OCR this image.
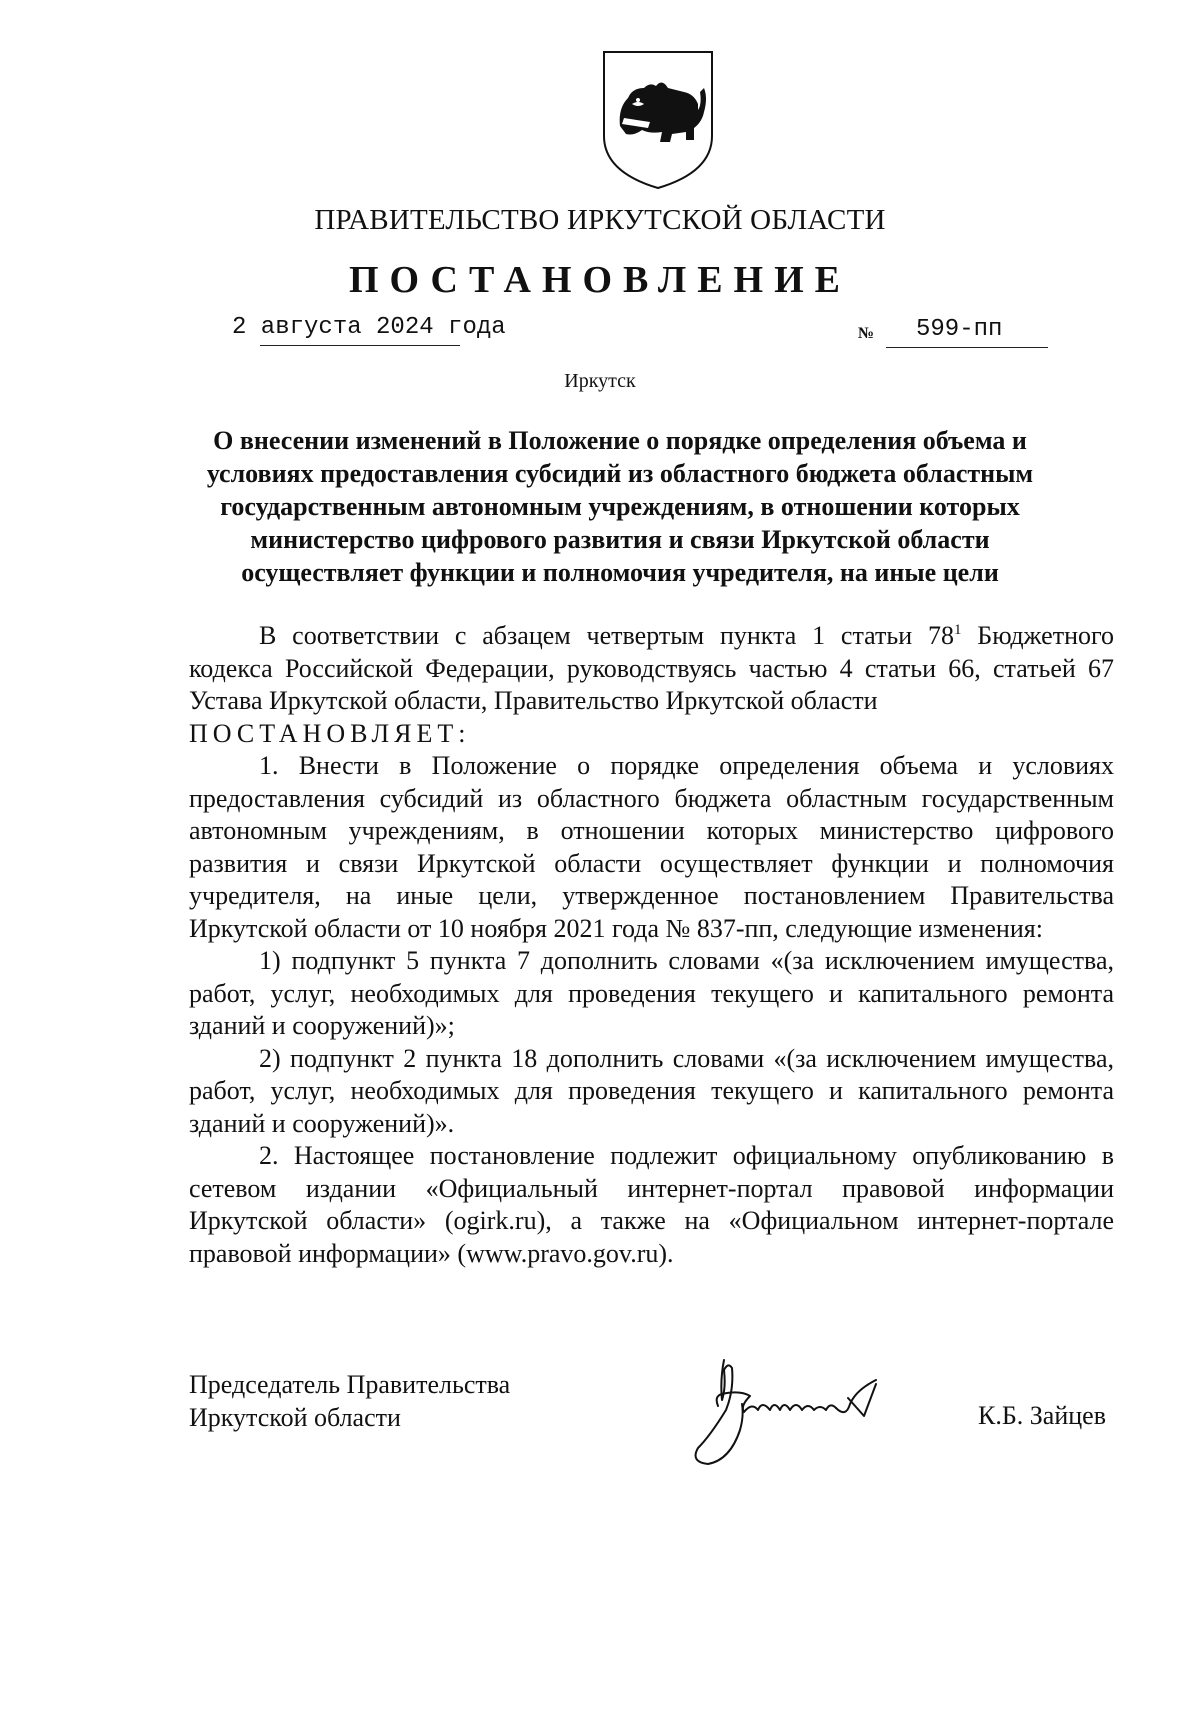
ПРАВИТЕЛЬСТВО ИРКУТСКОЙ ОБЛАСТИ
ПОСТАНОВЛЕНИЕ
2 августа 2024 года	№ 599-пп
Иркутск
О внесении изменений в Положение о порядке определения объема и
условиях предоставления субсидий из областного бюджета областным
государственным автономным учреждениям, в отношении которых
министерство цифрового развития и связи Иркутской области
осуществляет функции и полномочия учредителя, на иные цели

В соответствии с абзацем четвертым пункта 1 статьи $78^1$ Бюджетного кодекса Российской Федерации, руководствуясь частью 4 статьи 66, статьей 67 Устава Иркутской области, Правительство Иркутской области

ПОСТАНОВЛЯЕТ:

1. Внести в Положение о порядке определения объема и условиях предоставления субсидий из областного бюджета областным государственным автономным учреждениям, в отношении которых министерство цифрового развития и связи Иркутской области осуществляет функции и полномочия учредителя, на иные цели, утвержденное постановлением Правительства Иркутской области от 10 ноября 2021 года № 837-пп, следующие изменения:

1) подпункт 5 пункта 7 дополнить словами «(за исключением имущества, работ, услуг, необходимых для проведения текущего и капитального ремонта зданий и сооружений)»;

2) подпункт 2 пункта 18 дополнить словами «(за исключением имущества, работ, услуг, необходимых для проведения текущего и капитального ремонта зданий и сооружений)».

2. Настоящее постановление подлежит официальному опубликованию в сетевом издании «Официальный интернет-портал правовой информации Иркутской области» (ogirk.ru), а также на «Официальном интернет-портале правовой информации» (www.pravo.gov.ru).

Председатель Правительства
Иркутской области	К.Б. Зайцев
